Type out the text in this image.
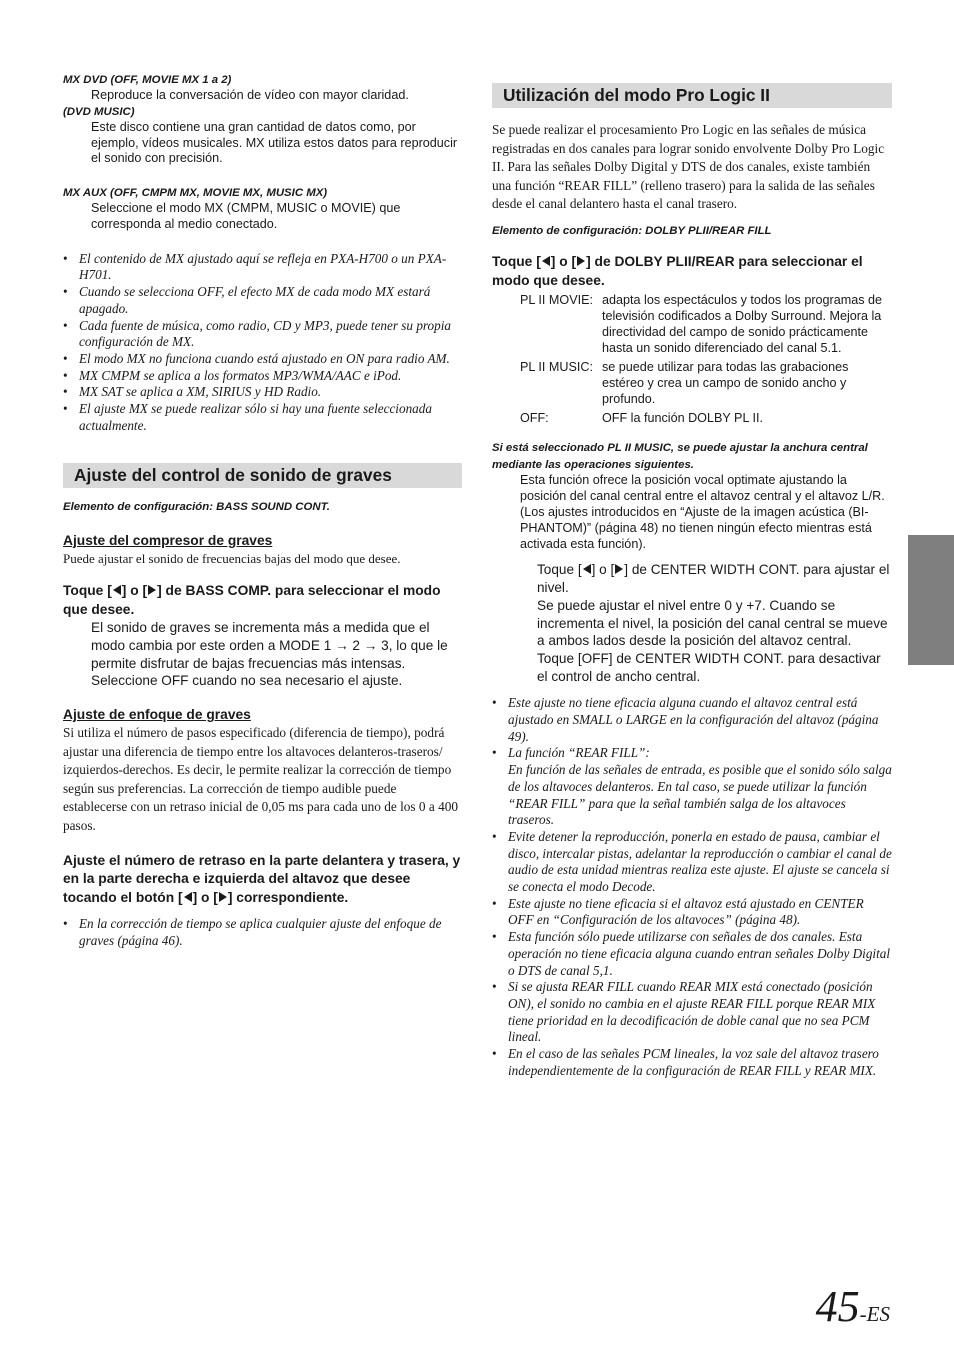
MX DVD (OFF, MOVIE MX 1 a 2)

Reproduce la conversación de vídeo con mayor claridad.

(DVD MUSIC)

Este disco contiene una gran cantidad de datos como, por ejemplo, vídeos musicales. MX utiliza estos datos para reproducir el sonido con precisión.

MX AUX (OFF, CMPM MX, MOVIE MX, MUSIC MX)

Seleccione el modo MX (CMPM, MUSIC o MOVIE) que corresponda al medio conectado.

• El contenido de MX ajustado aquí se refleja en PXA-H700 o un PXA-H701.
• Cuando se selecciona OFF, el efecto MX de cada modo MX estará apagado.
• Cada fuente de música, como radio, CD y MP3, puede tener su propia configuración de MX.
• El modo MX no funciona cuando está ajustado en ON para radio AM.
• MX CMPM se aplica a los formatos MP3/WMA/AAC e iPod.
• MX SAT se aplica a XM, SIRIUS y HD Radio.
• El ajuste MX se puede realizar sólo si hay una fuente seleccionada actualmente.
Ajuste del control de sonido de graves

Elemento de configuración: BASS SOUND CONT.

Ajuste del compresor de graves

Puede ajustar el sonido de frecuencias bajas del modo que desee.

Toque [ ] o [ ] de BASS COMP. para seleccionar el modo que desee.

El sonido de graves se incrementa más a medida que el modo cambia por este orden a MODE 1 → 2 → 3, lo que le permite disfrutar de bajas frecuencias más intensas. Seleccione OFF cuando no sea necesario el ajuste.

Ajuste de enfoque de graves

Si utiliza el número de pasos especificado (diferencia de tiempo), podrá ajustar una diferencia de tiempo entre los altavoces delanteros-traseros/ izquierdos-derechos. Es decir, le permite realizar la corrección de tiempo según sus preferencias. La corrección de tiempo audible puede establecerse con un retraso inicial de 0,05 ms para cada uno de los 0 a 400 pasos.

Ajuste el número de retraso en la parte delantera y trasera, y en la parte derecha e izquierda del altavoz que desee tocando el botón [ ] o [ ] correspondiente.

• En la corrección de tiempo se aplica cualquier ajuste del enfoque de graves (página 46).
Utilización del modo Pro Logic II

Se puede realizar el procesamiento Pro Logic en las señales de música registradas en dos canales para lograr sonido envolvente Dolby Pro Logic II. Para las señales Dolby Digital y DTS de dos canales, existe también una función “REAR FILL” (relleno trasero) para la salida de las señales desde el canal delantero hasta el canal trasero.

Elemento de configuración: DOLBY PLII/REAR FILL

Toque [ ] o [ ] de DOLBY PLII/REAR para seleccionar el modo que desee.

PL II MOVIE: adapta los espectáculos y todos los programas de televisión codificados a Dolby Surround. Mejora la directividad del campo de sonido prácticamente hasta un sonido diferenciado del canal 5.1.
PL II MUSIC: se puede utilizar para todas las grabaciones estéreo y crea un campo de sonido ancho y profundo.
OFF:	OFF la función DOLBY PL II.

Si está seleccionado PL II MUSIC, se puede ajustar la anchura central mediante las operaciones siguientes.

Esta función ofrece la posición vocal optimate ajustando la posición del canal central entre el altavoz central y el altavoz L/R. (Los ajustes introducidos en “Ajuste de la imagen acústica (BI-PHANTOM)” (página 48) no tienen ningún efecto mientras está activada esta función).

Toque [ ] o [ ] de CENTER WIDTH CONT. para ajustar el nivel.

Se puede ajustar el nivel entre 0 y +7. Cuando se incrementa el nivel, la posición del canal central se mueve a ambos lados desde la posición del altavoz central.

Toque [OFF] de CENTER WIDTH CONT. para desactivar el control de ancho central.

• Este ajuste no tiene eficacia alguna cuando el altavoz central está ajustado en SMALL o LARGE en la configuración del altavoz (página 49).
• La función “REAR FILL”:
En función de las señales de entrada, es posible que el sonido sólo salga de los altavoces delanteros. En tal caso, se puede utilizar la función “REAR FILL” para que la señal también salga de los altavoces traseros.
• Evite detener la reproducción, ponerla en estado de pausa, cambiar el disco, intercalar pistas, adelantar la reproducción o cambiar el canal de audio de esta unidad mientras realiza este ajuste. El ajuste se cancela si se conecta el modo Decode.
• Este ajuste no tiene eficacia si el altavoz está ajustado en CENTER OFF en “Configuración de los altavoces” (página 48).
• Esta función sólo puede utilizarse con señales de dos canales. Esta operación no tiene eficacia alguna cuando entran señales Dolby Digital o DTS de canal 5,1.
• Si se ajusta REAR FILL cuando REAR MIX está conectado (posición ON), el sonido no cambia en el ajuste REAR FILL porque REAR MIX tiene prioridad en la decodificación de doble canal que no sea PCM lineal.
• En el caso de las señales PCM lineales, la voz sale del altavoz trasero independientemente de la configuración de REAR FILL y REAR MIX.
45-ES
